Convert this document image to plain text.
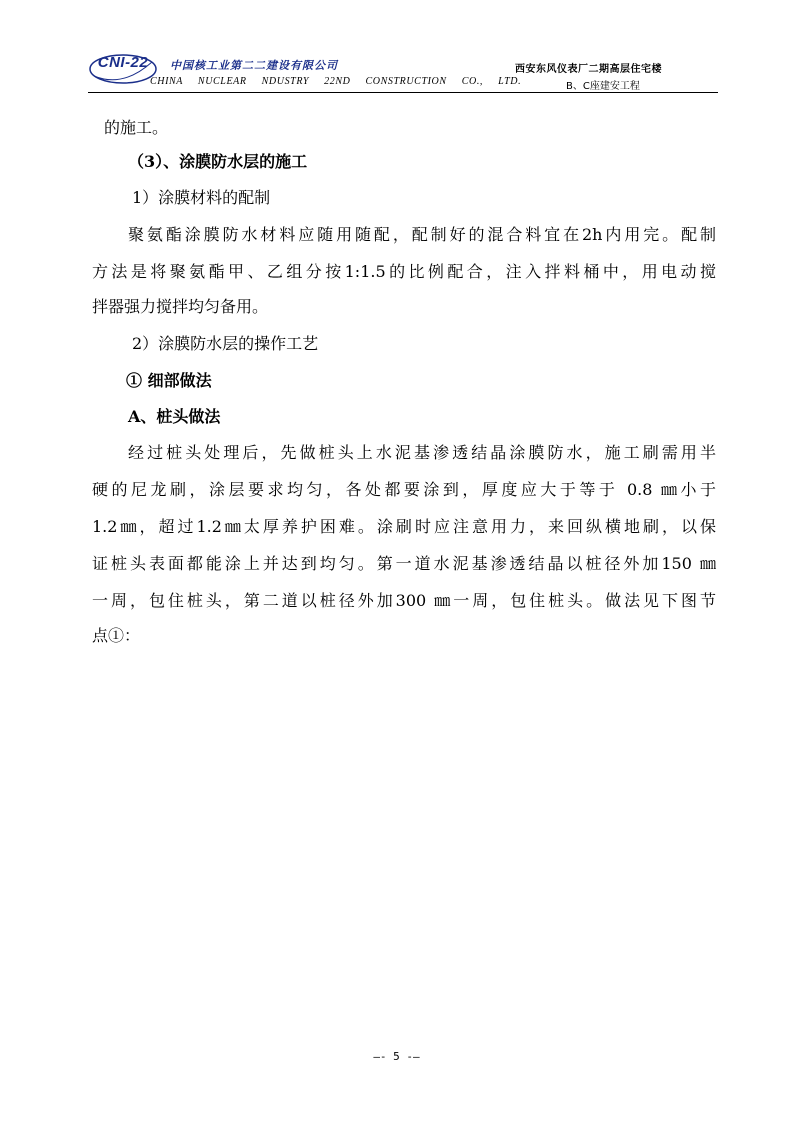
CNI-22	中国核工业第二二建设有限公司
CHINA NUCLEAR NDUSTRY 22ND CONSTRUCTION CO., LTD.
西安东风仪表厂二期高层住宅楼
B、C座建安工程
的施工。
（3）、涂膜防水层的施工
1）涂膜材料的配制
聚氨酯涂膜防水材料应随用随配，配制好的混合料宜在2h内用完。配制
方法是将聚氨酯甲、乙组分按1:1.5的比例配合，注入拌料桶中，用电动搅
拌器强力搅拌均匀备用。
2）涂膜防水层的操作工艺
① 细部做法
A、桩头做法
经过桩头处理后，先做桩头上水泥基渗透结晶涂膜防水，施工刷需用半
硬的尼龙刷，涂层要求均匀，各处都要涂到，厚度应大于等于 0.8 ㎜小于
1.2㎜，超过1.2㎜太厚养护困难。涂刷时应注意用力，来回纵横地刷，以保
证桩头表面都能涂上并达到均匀。第一道水泥基渗透结晶以桩径外加150 ㎜
一周，包住桩头，第二道以桩径外加300 ㎜一周，包住桩头。做法见下图节
点①：
—- 5 -—
